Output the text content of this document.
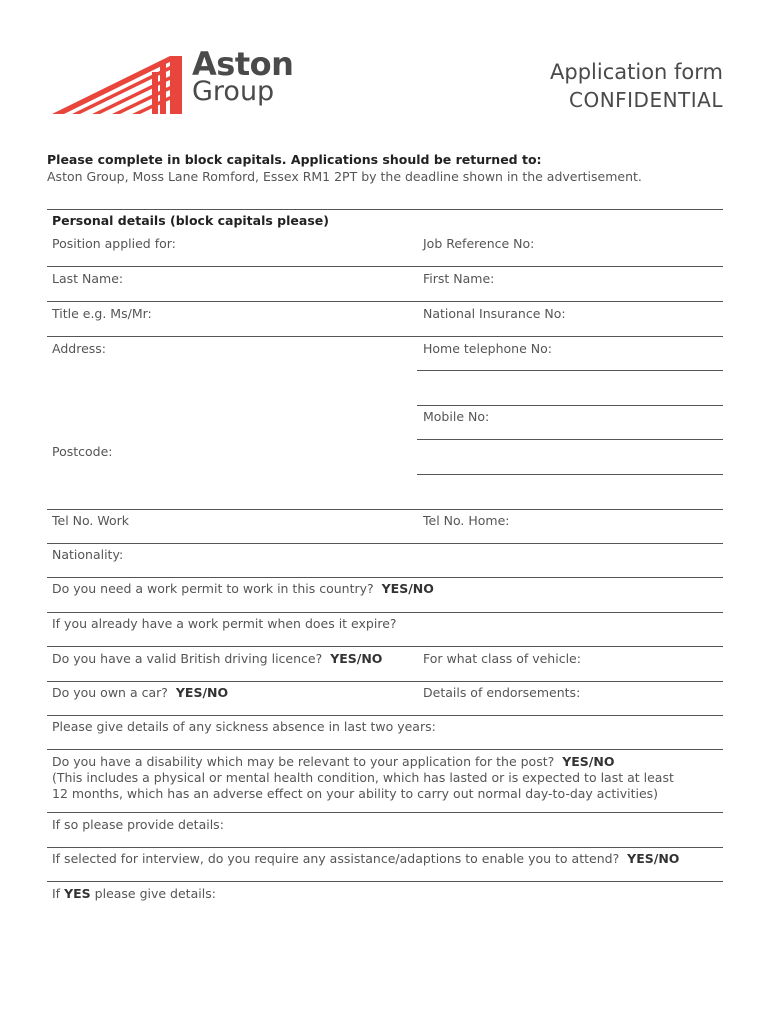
Aston
Group
Application form
CONFIDENTIAL
Please complete in block capitals. Applications should be returned to:
Aston Group, Moss Lane Romford, Essex RM1 2PT by the deadline shown in the advertisement.
Personal details (block capitals please)
Position applied for:	Job Reference No:
Last Name:	First Name:
Title e.g. Ms/Mr:	National Insurance No:
Address:	Home telephone No:
Mobile No:
Postcode:
Tel No. Work	Tel No. Home:
Nationality:
Do you need a work permit to work in this country? YES/NO
If you already have a work permit when does it expire?
Do you have a valid British driving licence? YES/NO	For what class of vehicle:
Do you own a car? YES/NO	Details of endorsements:
Please give details of any sickness absence in last two years:
Do you have a disability which may be relevant to your application for the post? YES/NO
(This includes a physical or mental health condition, which has lasted or is expected to last at least
12 months, which has an adverse effect on your ability to carry out normal day-to-day activities)
If so please provide details:
If selected for interview, do you require any assistance/adaptions to enable you to attend? YES/NO
If YES please give details:
